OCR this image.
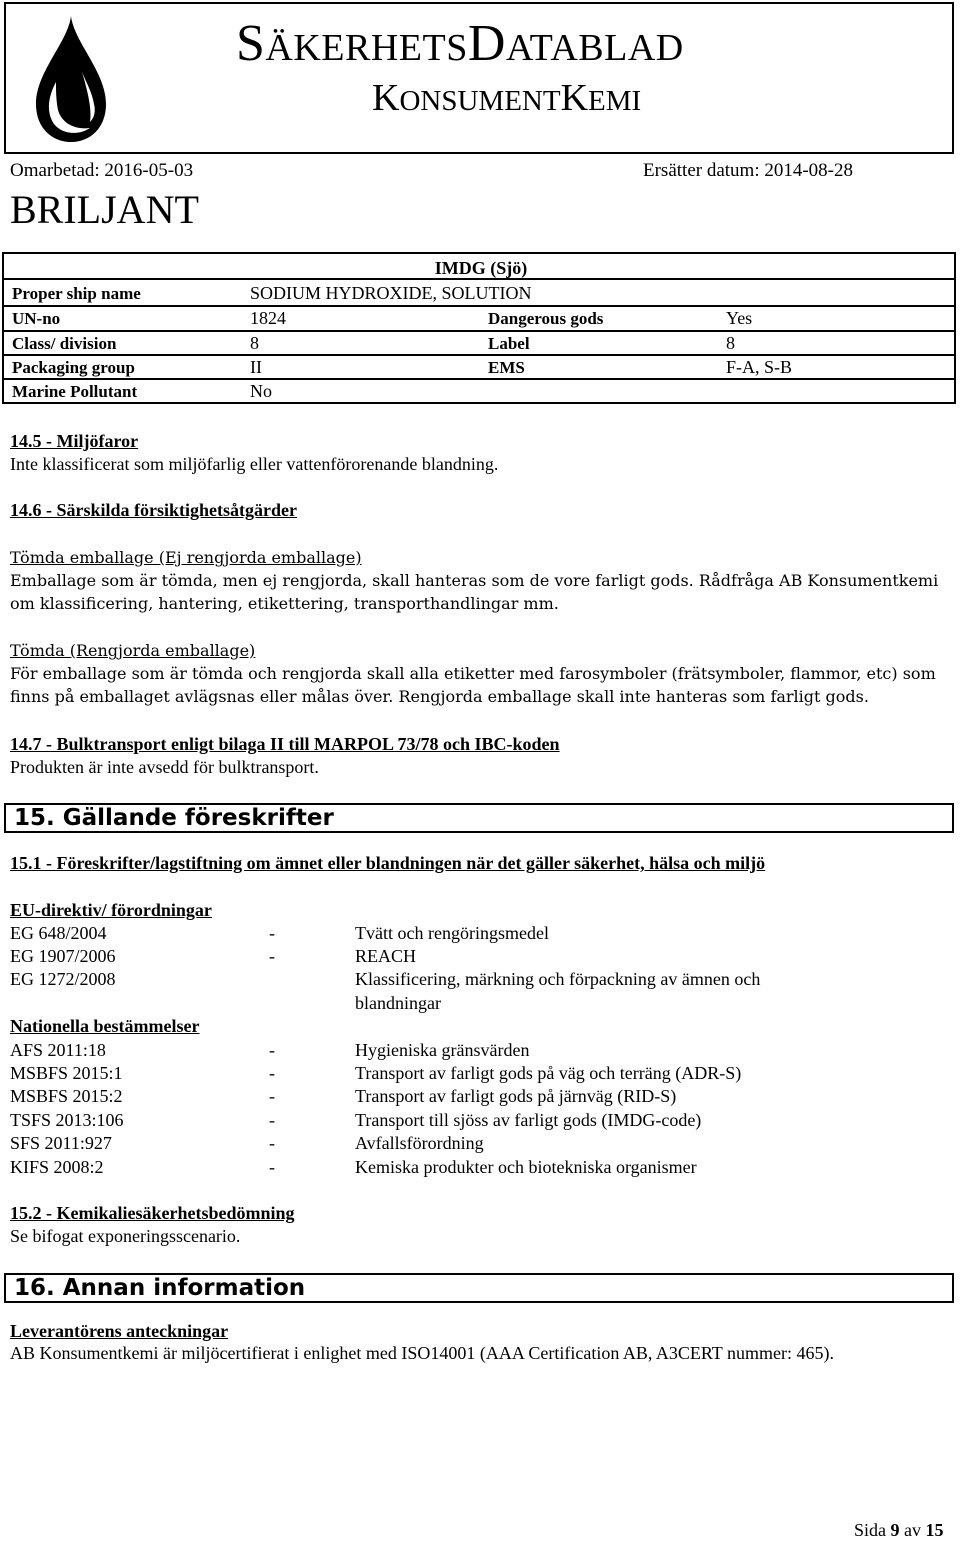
SÄKERHETSDATABLAD
KONSUMENTKEMI
Omarbetad: 2016-05-03	Ersätter datum: 2014-08-28
BRILJANT
IMDG (Sjö)
Proper ship name	SODIUM HYDROXIDE, SOLUTION
UN-no	1824	Dangerous gods	Yes
Class/ division	8	Label	8
Packaging group	II	EMS	F-A, S-B
Marine Pollutant	No
14.5 - Miljöfaror
Inte klassificerat som miljöfarlig eller vattenförorenande blandning.
14.6 - Särskilda försiktighetsåtgärder
Tömda emballage (Ej rengjorda emballage)
Emballage som är tömda, men ej rengjorda, skall hanteras som de vore farligt gods. Rådfråga AB Konsumentkemi
om klassificering, hantering, etikettering, transporthandlingar mm.
Tömda (Rengjorda emballage)
För emballage som är tömda och rengjorda skall alla etiketter med farosymboler (frätsymboler, flammor, etc) som
finns på emballaget avlägsnas eller målas över. Rengjorda emballage skall inte hanteras som farligt gods.
14.7 - Bulktransport enligt bilaga II till MARPOL 73/78 och IBC-koden
Produkten är inte avsedd för bulktransport.
15. Gällande föreskrifter
15.1 - Föreskrifter/lagstiftning om ämnet eller blandningen när det gäller säkerhet, hälsa och miljö
EU-direktiv/ förordningar
EG 648/2004	-	Tvätt och rengöringsmedel
EG 1907/2006	-	REACH
EG 1272/2008	Klassificering, märkning och förpackning av ämnen och
blandningar
Nationella bestämmelser
AFS 2011:18	-	Hygieniska gränsvärden
MSBFS 2015:1	-	Transport av farligt gods på väg och terräng (ADR-S)
MSBFS 2015:2	-	Transport av farligt gods på järnväg (RID-S)
TSFS 2013:106	-	Transport till sjöss av farligt gods (IMDG-code)
SFS 2011:927	-	Avfallsförordning
KIFS 2008:2	-	Kemiska produkter och biotekniska organismer
15.2 - Kemikaliesäkerhetsbedömning
Se bifogat exponeringsscenario.
16. Annan information
Leverantörens anteckningar
AB Konsumentkemi är miljöcertifierat i enlighet med ISO14001 (AAA Certification AB, A3CERT nummer: 465).
Sida 9 av 15
